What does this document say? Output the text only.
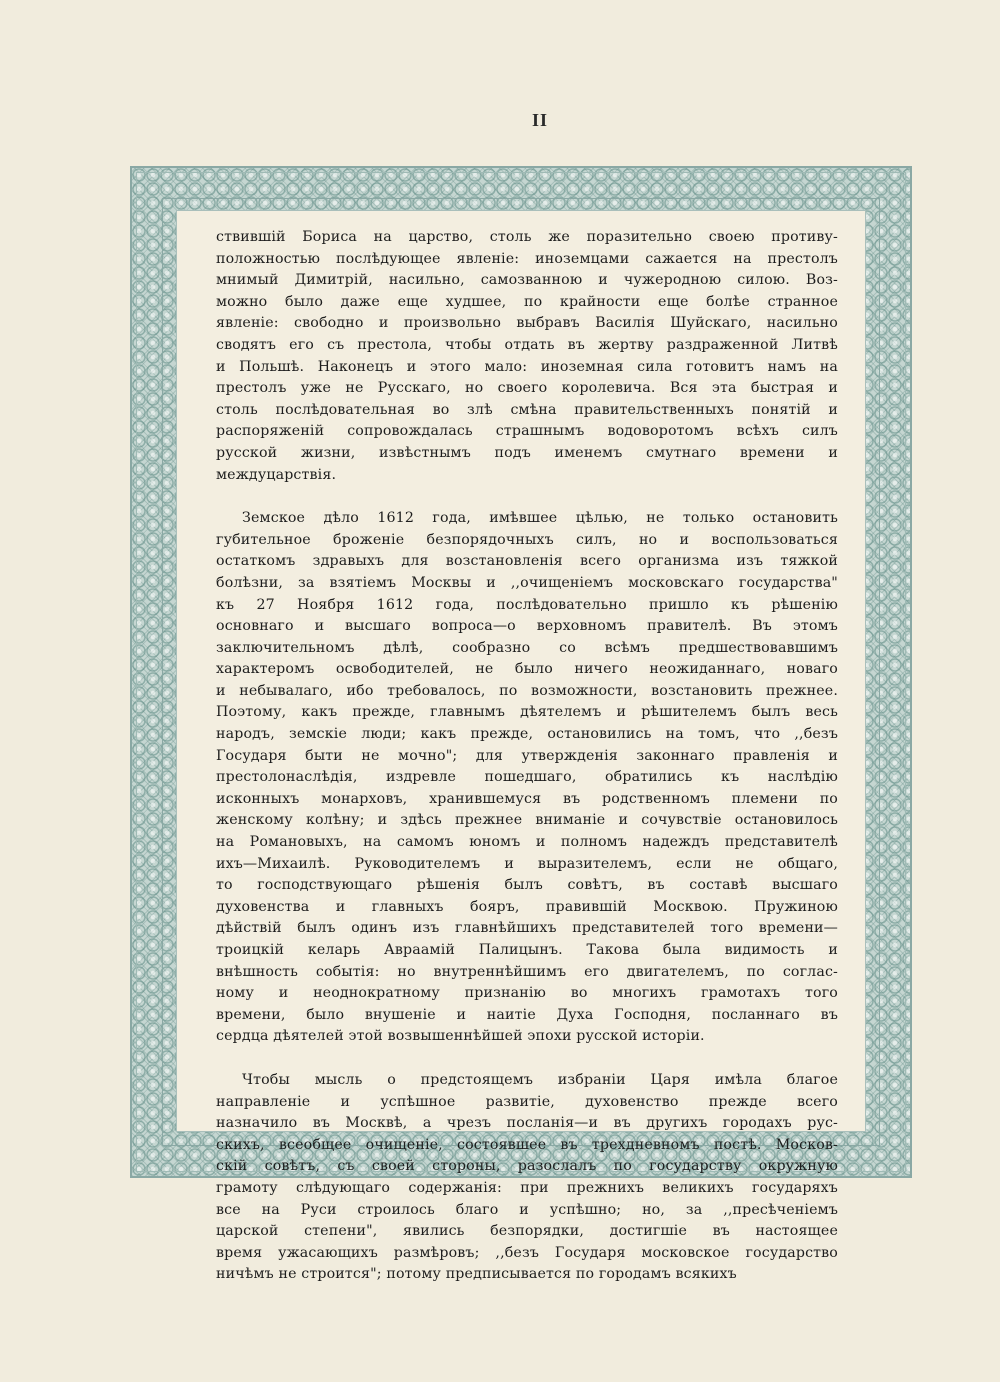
II
ствившій Бориса на царство, столь же поразительно своею противу-
положностью послѣдующее явленіе: иноземцами сажается на престолъ
мнимый Димитрій, насильно, самозванною и чужеродною силою. Воз-
можно было даже еще худшее, по крайности еще болѣе странное
явленіе: свободно и произвольно выбравъ Василія Шуйскаго, насильно
сводятъ его съ престола, чтобы отдать въ жертву раздраженной Литвѣ
и Польшѣ. Наконецъ и этого мало: иноземная сила готовитъ намъ на
престолъ уже не Русскаго, но своего королевича. Вся эта быстрая и
столь послѣдовательная во злѣ смѣна правительственныхъ понятій и
распоряженій сопровождалась страшнымъ водоворотомъ всѣхъ силъ
русской жизни, извѣстнымъ подъ именемъ смутнаго времени и
междуцарствія.
Земское дѣло 1612 года, имѣвшее цѣлью, не только остановить
губительное броженіе безпорядочныхъ силъ, но и воспользоваться
остаткомъ здравыхъ для возстановленія всего организма изъ тяжкой
болѣзни, за взятіемъ Москвы и ,,очищеніемъ московскаго государства"
къ 27 Ноября 1612 года, послѣдовательно пришло къ рѣшенію
основнаго и высшаго вопроса—о верховномъ правителѣ. Въ этомъ
заключительномъ дѣлѣ, сообразно со всѣмъ предшествовавшимъ
характеромъ освободителей, не было ничего неожиданнаго, новаго
и небывалаго, ибо требовалось, по возможности, возстановить прежнее.
Поэтому, какъ прежде, главнымъ дѣятелемъ и рѣшителемъ былъ весь
народъ, земскіе люди; какъ прежде, остановились на томъ, что ,,безъ
Государя быти не мочно"; для утвержденія законнаго правленія и
престолонаслѣдія, издревле пошедшаго, обратились къ наслѣдію
исконныхъ монарховъ, хранившемуся въ родственномъ племени по
женскому колѣну; и здѣсь прежнее вниманіе и сочувствіе остановилось
на Романовыхъ, на самомъ юномъ и полномъ надеждъ представителѣ
ихъ—Михаилѣ. Руководителемъ и выразителемъ, если не общаго,
то господствующаго рѣшенія былъ совѣтъ, въ составѣ высшаго
духовенства и главныхъ бояръ, правившій Москвою. Пружиною
дѣйствій былъ одинъ изъ главнѣйшихъ представителей того времени—
троицкій келарь Авраамій Палицынъ. Такова была видимость и
внѣшность событія: но внутреннѣйшимъ его двигателемъ, по соглас-
ному и неоднократному признанію во многихъ грамотахъ того
времени, было внушеніе и наитіе Духа Господня, посланнаго въ
сердца дѣятелей этой возвышеннѣйшей эпохи русской исторіи.
Чтобы мысль о предстоящемъ избраніи Царя имѣла благое
направленіе и успѣшное развитіе, духовенство прежде всего
назначило въ Москвѣ, а чрезъ посланія—и въ другихъ городахъ рус-
скихъ, всеобщее очищеніе, состоявшее въ трехдневномъ постѣ. Москов-
скій совѣтъ, съ своей стороны, разослалъ по государству окружную
грамоту слѣдующаго содержанія: при прежнихъ великихъ государяхъ
все на Руси строилось благо и успѣшно; но, за ,,пресѣченіемъ
царской степени", явились безпорядки, достигшіе въ настоящее
время ужасающихъ размѣровъ; ,,безъ Государя московское государство
ничѣмъ не строится"; потому предписывается по городамъ всякихъ
